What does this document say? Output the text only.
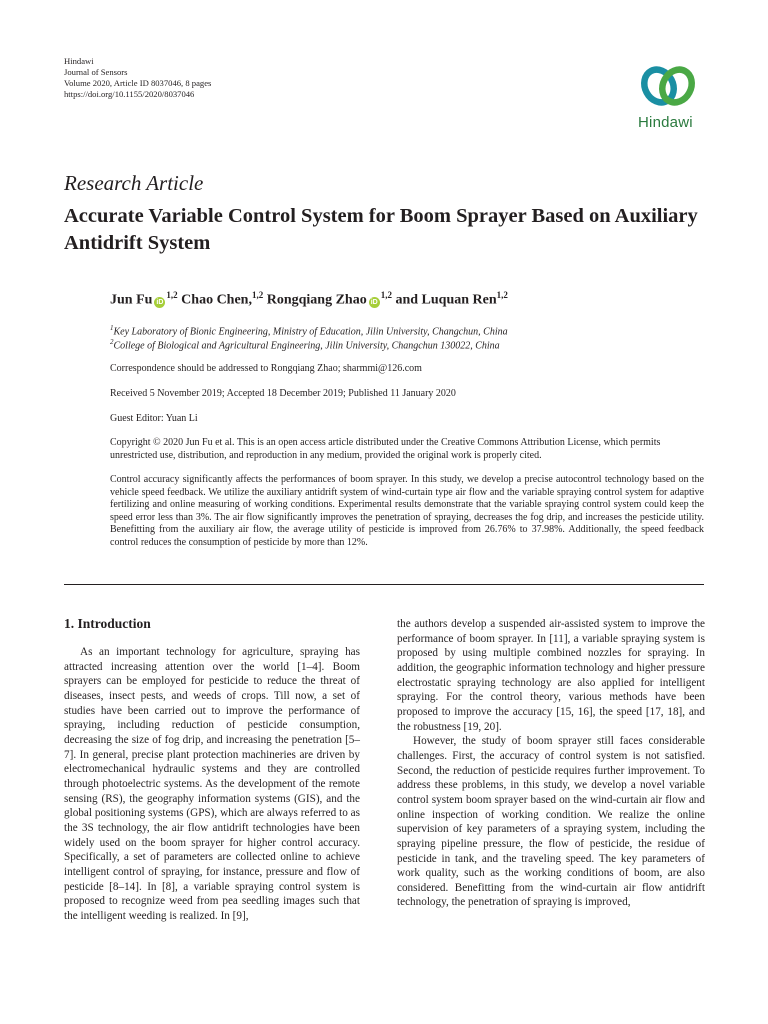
Hindawi
Journal of Sensors
Volume 2020, Article ID 8037046, 8 pages
https://doi.org/10.1155/2020/8037046
Hindawi
Research Article
Accurate Variable Control System for Boom Sprayer Based on Auxiliary Antidrift System
Jun Fu iD$^{1,2}$ Chao Chen,$^{1,2}$ Rongqiang Zhao iD$^{1,2}$ and Luquan Ren$^{1,2}$
$^1$Key Laboratory of Bionic Engineering, Ministry of Education, Jilin University, Changchun, China
$^2$College of Biological and Agricultural Engineering, Jilin University, Changchun 130022, China
Correspondence should be addressed to Rongqiang Zhao; sharmmi@126.com
Received 5 November 2019; Accepted 18 December 2019; Published 11 January 2020
Guest Editor: Yuan Li
Copyright © 2020 Jun Fu et al. This is an open access article distributed under the Creative Commons Attribution License, which permits unrestricted use, distribution, and reproduction in any medium, provided the original work is properly cited.
Control accuracy significantly affects the performances of boom sprayer. In this study, we develop a precise autocontrol technology based on the vehicle speed feedback. We utilize the auxiliary antidrift system of wind-curtain type air flow and the variable spraying control system for adaptive fertilizing and online measuring of working conditions. Experimental results demonstrate that the variable spraying control system could keep the speed error less than 3%. The air flow significantly improves the penetration of spraying, decreases the fog drip, and increases the pesticide utility. Benefitting from the auxiliary air flow, the average utility of pesticide is improved from 26.76% to 37.98%. Additionally, the speed feedback control reduces the consumption of pesticide by more than 12%.
1. Introduction
As an important technology for agriculture, spraying has attracted increasing attention over the world [1–4]. Boom sprayers can be employed for pesticide to reduce the threat of diseases, insect pests, and weeds of crops. Till now, a set of studies have been carried out to improve the performance of spraying, including reduction of pesticide consumption, decreasing the size of fog drip, and increasing the penetration [5–7]. In general, precise plant protection machineries are driven by electromechanical hydraulic systems and they are controlled through photoelectric systems. As the development of the remote sensing (RS), the geography information systems (GIS), and the global positioning systems (GPS), which are always referred to as the 3S technology, the air flow antidrift technologies have been widely used on the boom sprayer for higher control accuracy. Specifically, a set of parameters are collected online to achieve intelligent control of spraying, for instance, pressure and flow of pesticide [8–14]. In [8], a variable spraying control system is proposed to recognize weed from pea seedling images such that the intelligent weeding is realized. In [9],

the authors develop a suspended air-assisted system to improve the performance of boom sprayer. In [11], a variable spraying system is proposed by using multiple combined nozzles for spraying. In addition, the geographic information technology and higher pressure electrostatic spraying technology are also applied for intelligent spraying. For the control theory, various methods have been proposed to improve the accuracy [15, 16], the speed [17, 18], and the robustness [19, 20].

However, the study of boom sprayer still faces considerable challenges. First, the accuracy of control system is not satisfied. Second, the reduction of pesticide requires further improvement. To address these problems, in this study, we develop a novel variable control system boom sprayer based on the wind-curtain air flow and online inspection of working condition. We realize the online supervision of key parameters of a spraying system, including the spraying pipeline pressure, the flow of pesticide, the residue of pesticide in tank, and the traveling speed. The key parameters of work quality, such as the working conditions of boom, are also considered. Benefitting from the wind-curtain air flow antidrift technology, the penetration of spraying is improved,
